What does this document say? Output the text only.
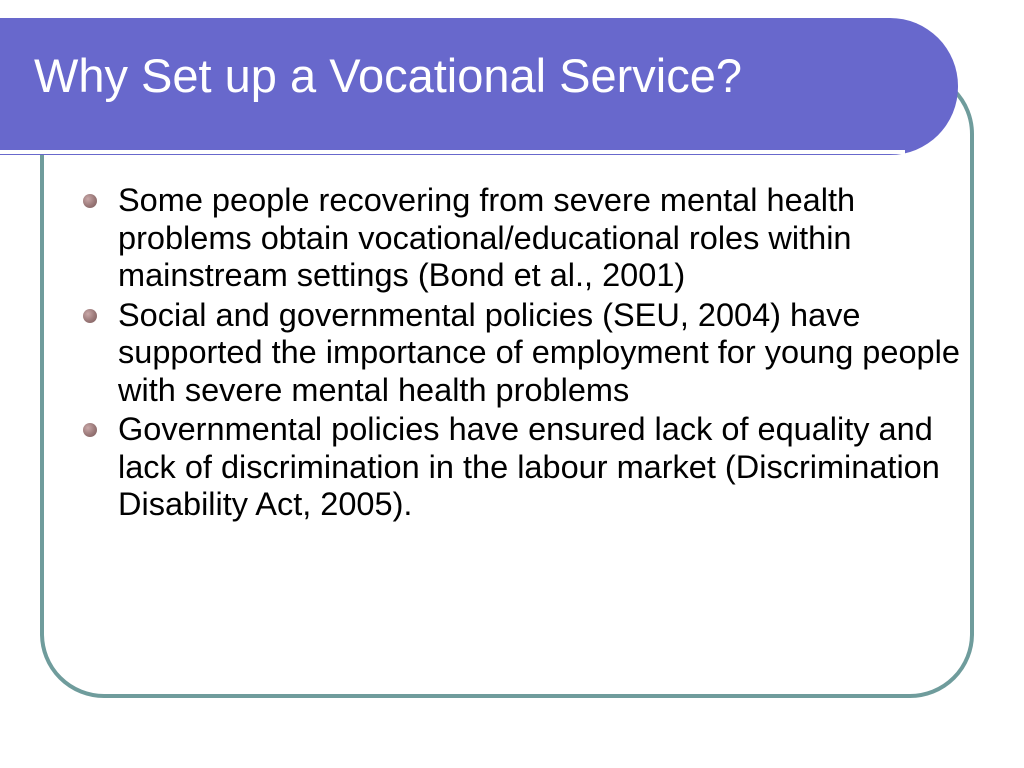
Why Set up a Vocational Service?
Some people recovering from severe mental health problems obtain vocational/educational roles within mainstream settings (Bond et al., 2001)
Social and governmental policies (SEU, 2004) have supported the importance of employment for young people with severe mental health problems
Governmental policies have ensured lack of equality and lack of discrimination in the labour market (Discrimination Disability Act, 2005).
